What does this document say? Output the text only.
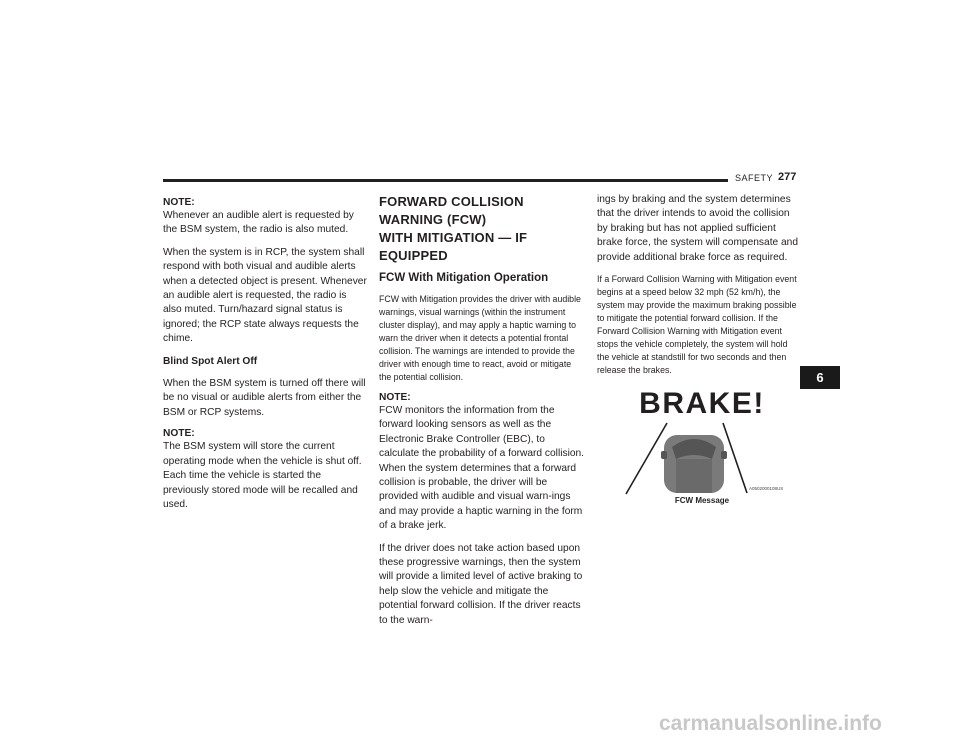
SAFETY 277

NOTE:
Whenever an audible alert is requested by the BSM system, the radio is also muted.

When the system is in RCP, the system shall respond with both visual and audible alerts when a detected object is present. Whenever an audible alert is requested, the radio is also muted. Turn/hazard signal status is ignored; the RCP state always requests the chime.

Blind Spot Alert Off

When the BSM system is turned off there will be no visual or audible alerts from either the BSM or RCP systems.

NOTE:
The BSM system will store the current operating mode when the vehicle is shut off. Each time the vehicle is started the previously stored mode will be recalled and used.

FORWARD COLLISION WARNING (FCW)
WITH MITIGATION — IF EQUIPPED

FCW With Mitigation Operation

FCW with Mitigation provides the driver with audible warnings, visual warnings (within the instrument cluster display), and may apply a haptic warning to warn the driver when it detects a potential frontal collision. The warnings are intended to provide the driver with enough time to react, avoid or mitigate the potential collision.

NOTE:
FCW monitors the information from the forward looking sensors as well as the Electronic Brake Controller (EBC), to calculate the probability of a forward collision. When the system determines that a forward collision is probable, the driver will be provided with audible and visual warn-ings and may provide a haptic warning in the form of a brake jerk.

If the driver does not take action based upon these progressive warnings, then the system will provide a limited level of active braking to help slow the vehicle and mitigate the potential forward collision. If the driver reacts to the warn-

ings by braking and the system determines that the driver intends to avoid the collision by braking but has not applied sufficient brake force, the system will compensate and provide additional brake force as required.

If a Forward Collision Warning with Mitigation event begins at a speed below 32 mph (52 km/h), the system may provide the maximum braking possible to mitigate the potential forward collision. If the Forward Collision Warning with Mitigation event stops the vehicle completely, the system will hold the vehicle at standstill for two seconds and then release the brakes.	6
BRAKE!
A0502000108US
FCW Message
carmanualsonline.info
